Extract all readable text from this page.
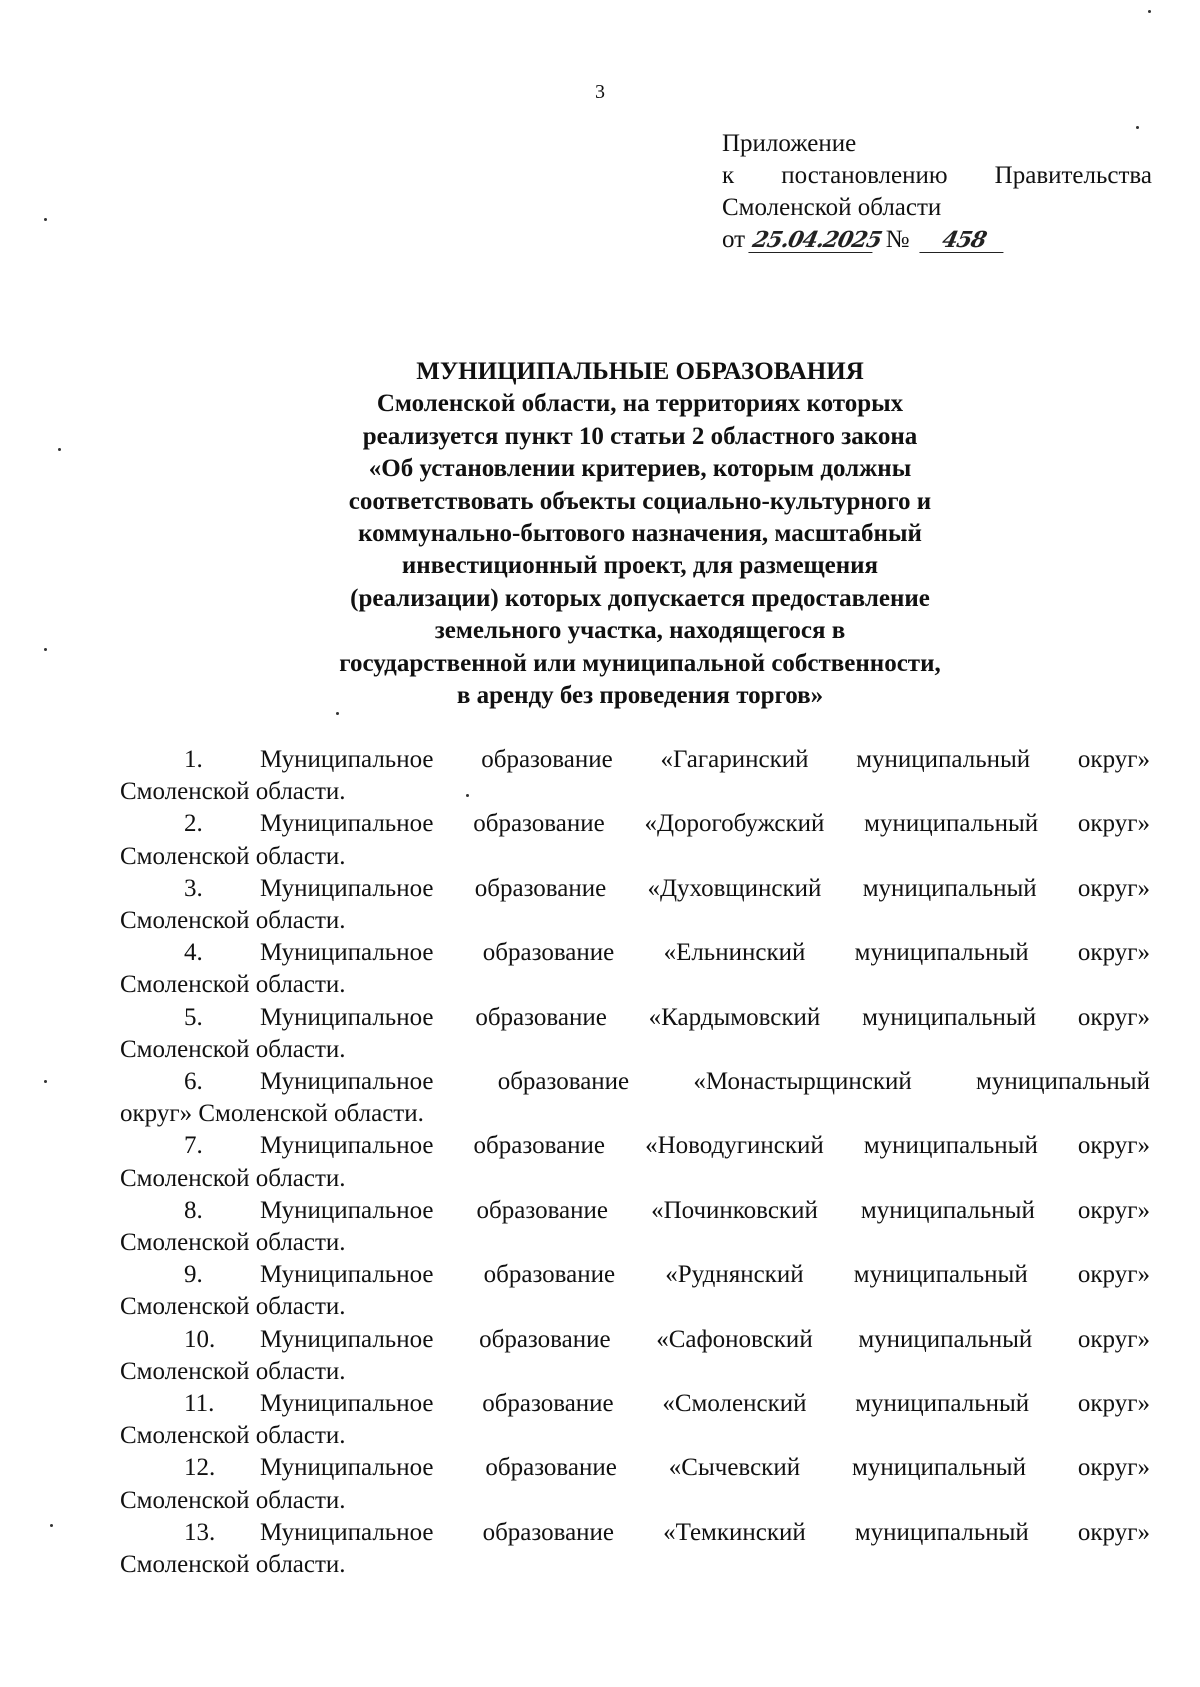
3
Приложение
к постановлению Правительства
Смоленской области
от 25.04.2025 № 458
МУНИЦИПАЛЬНЫЕ ОБРАЗОВАНИЯ
Смоленской области, на территориях которых
реализуется пункт 10 статьи 2 областного закона
«Об установлении критериев, которым должны
соответствовать объекты социально-культурного и
коммунально-бытового назначения, масштабный
инвестиционный проект, для размещения
(реализации) которых допускается предоставление
земельного участка, находящегося в
государственной или муниципальной собственности,
в аренду без проведения торгов»
1. Муниципальное образование «Гагаринский муниципальный округ»
Смоленской области.
2. Муниципальное образование «Дорогобужский муниципальный округ»
Смоленской области.
3. Муниципальное образование «Духовщинский муниципальный округ»
Смоленской области.
4. Муниципальное образование «Ельнинский муниципальный округ»
Смоленской области.
5. Муниципальное образование «Кардымовский муниципальный округ»
Смоленской области.
6. Муниципальное	образование	«Монастырщинский	муниципальный
округ» Смоленской области.
7. Муниципальное образование «Новодугинский муниципальный округ»
Смоленской области.
8. Муниципальное образование «Починковский муниципальный округ»
Смоленской области.
9. Муниципальное образование «Руднянский муниципальный округ»
Смоленской области.
10. Муниципальное образование «Сафоновский муниципальный округ»
Смоленской области.
11. Муниципальное образование «Смоленский муниципальный округ»
Смоленской области.
12. Муниципальное образование «Сычевский муниципальный округ»
Смоленской области.
13. Муниципальное образование «Темкинский муниципальный округ»
Смоленской области.
